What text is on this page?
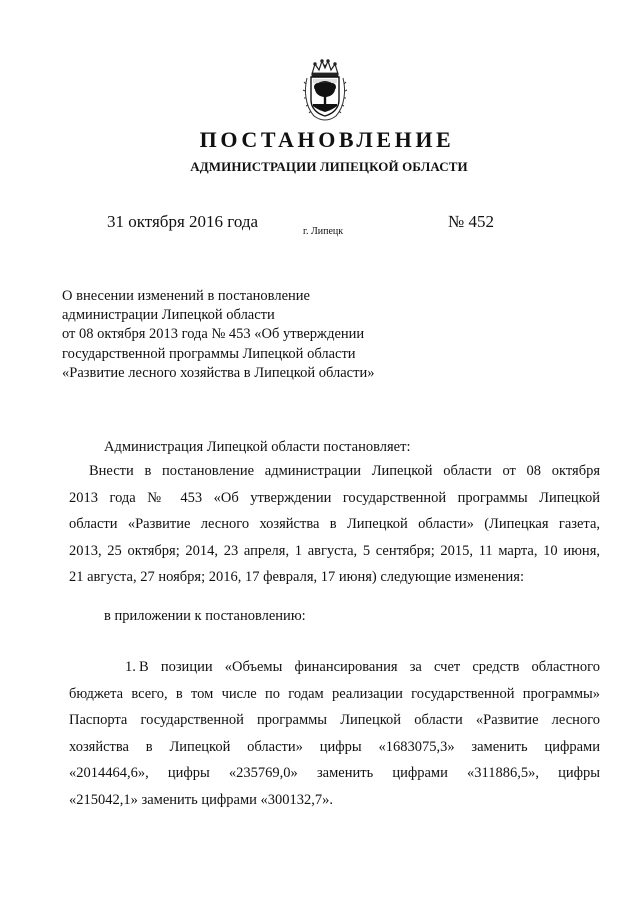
ПОСТАНОВЛЕНИЕ
АДМИНИСТРАЦИИ ЛИПЕЦКОЙ ОБЛАСТИ
31 октября 2016 года
г. Липецк
№ 452
О внесении изменений в постановление
администрации Липецкой области
от 08 октября 2013 года № 453 «Об утверждении
государственной программы Липецкой области
«Развитие лесного хозяйства в Липецкой области»
Администрация Липецкой области постановляет:
Внести в постановление администрации Липецкой области от 08 октября
2013 года № 453 «Об утверждении государственной программы Липецкой
области «Развитие лесного хозяйства в Липецкой области» (Липецкая газета,
2013, 25 октября; 2014, 23 апреля, 1 августа, 5 сентября; 2015, 11 марта, 10 июня,
21 августа, 27 ноября; 2016, 17 февраля, 17 июня) следующие изменения:
в приложении к постановлению:
1. В позиции «Объемы финансирования за счет средств областного
бюджета всего, в том числе по годам реализации государственной программы»
Паспорта государственной программы Липецкой области «Развитие лесного
хозяйства в Липецкой области» цифры «1683075,3» заменить цифрами
«2014464,6», цифры «235769,0» заменить цифрами «311886,5», цифры
«215042,1» заменить цифрами «300132,7».
